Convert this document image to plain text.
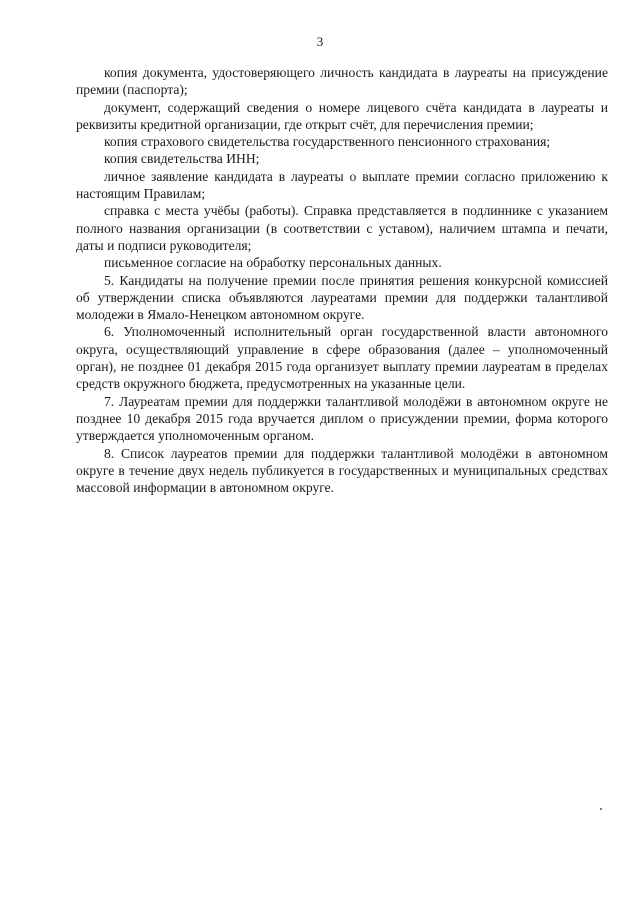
3

копия документа, удостоверяющего личность кандидата в лауреаты на присуждение премии (паспорта);

документ, содержащий сведения о номере лицевого счёта кандидата в лауреаты и реквизиты кредитной организации, где открыт счёт, для перечисления премии;

копия страхового свидетельства государственного пенсионного страхования;

копия свидетельства ИНН;

личное заявление кандидата в лауреаты о выплате премии согласно приложению к настоящим Правилам;

справка с места учёбы (работы). Справка представляется в подлиннике с указанием полного названия организации (в соответствии с уставом), наличием штампа и печати, даты и подписи руководителя;

письменное согласие на обработку персональных данных.

5. Кандидаты на получение премии после принятия решения конкурсной комиссией об утверждении списка объявляются лауреатами премии для поддержки талантливой молодежи в Ямало-Ненецком автономном округе.

6. Уполномоченный исполнительный орган государственной власти автономного округа, осуществляющий управление в сфере образования (далее – уполномоченный орган), не позднее 01 декабря 2015 года организует выплату премии лауреатам в пределах средств окружного бюджета, предусмотренных на указанные цели.

7. Лауреатам премии для поддержки талантливой молодёжи в автономном округе не позднее 10 декабря 2015 года вручается диплом о присуждении премии, форма которого утверждается уполномоченным органом.

8. Список лауреатов премии для поддержки талантливой молодёжи в автономном округе в течение двух недель публикуется в государственных и муниципальных средствах массовой информации в автономном округе.
